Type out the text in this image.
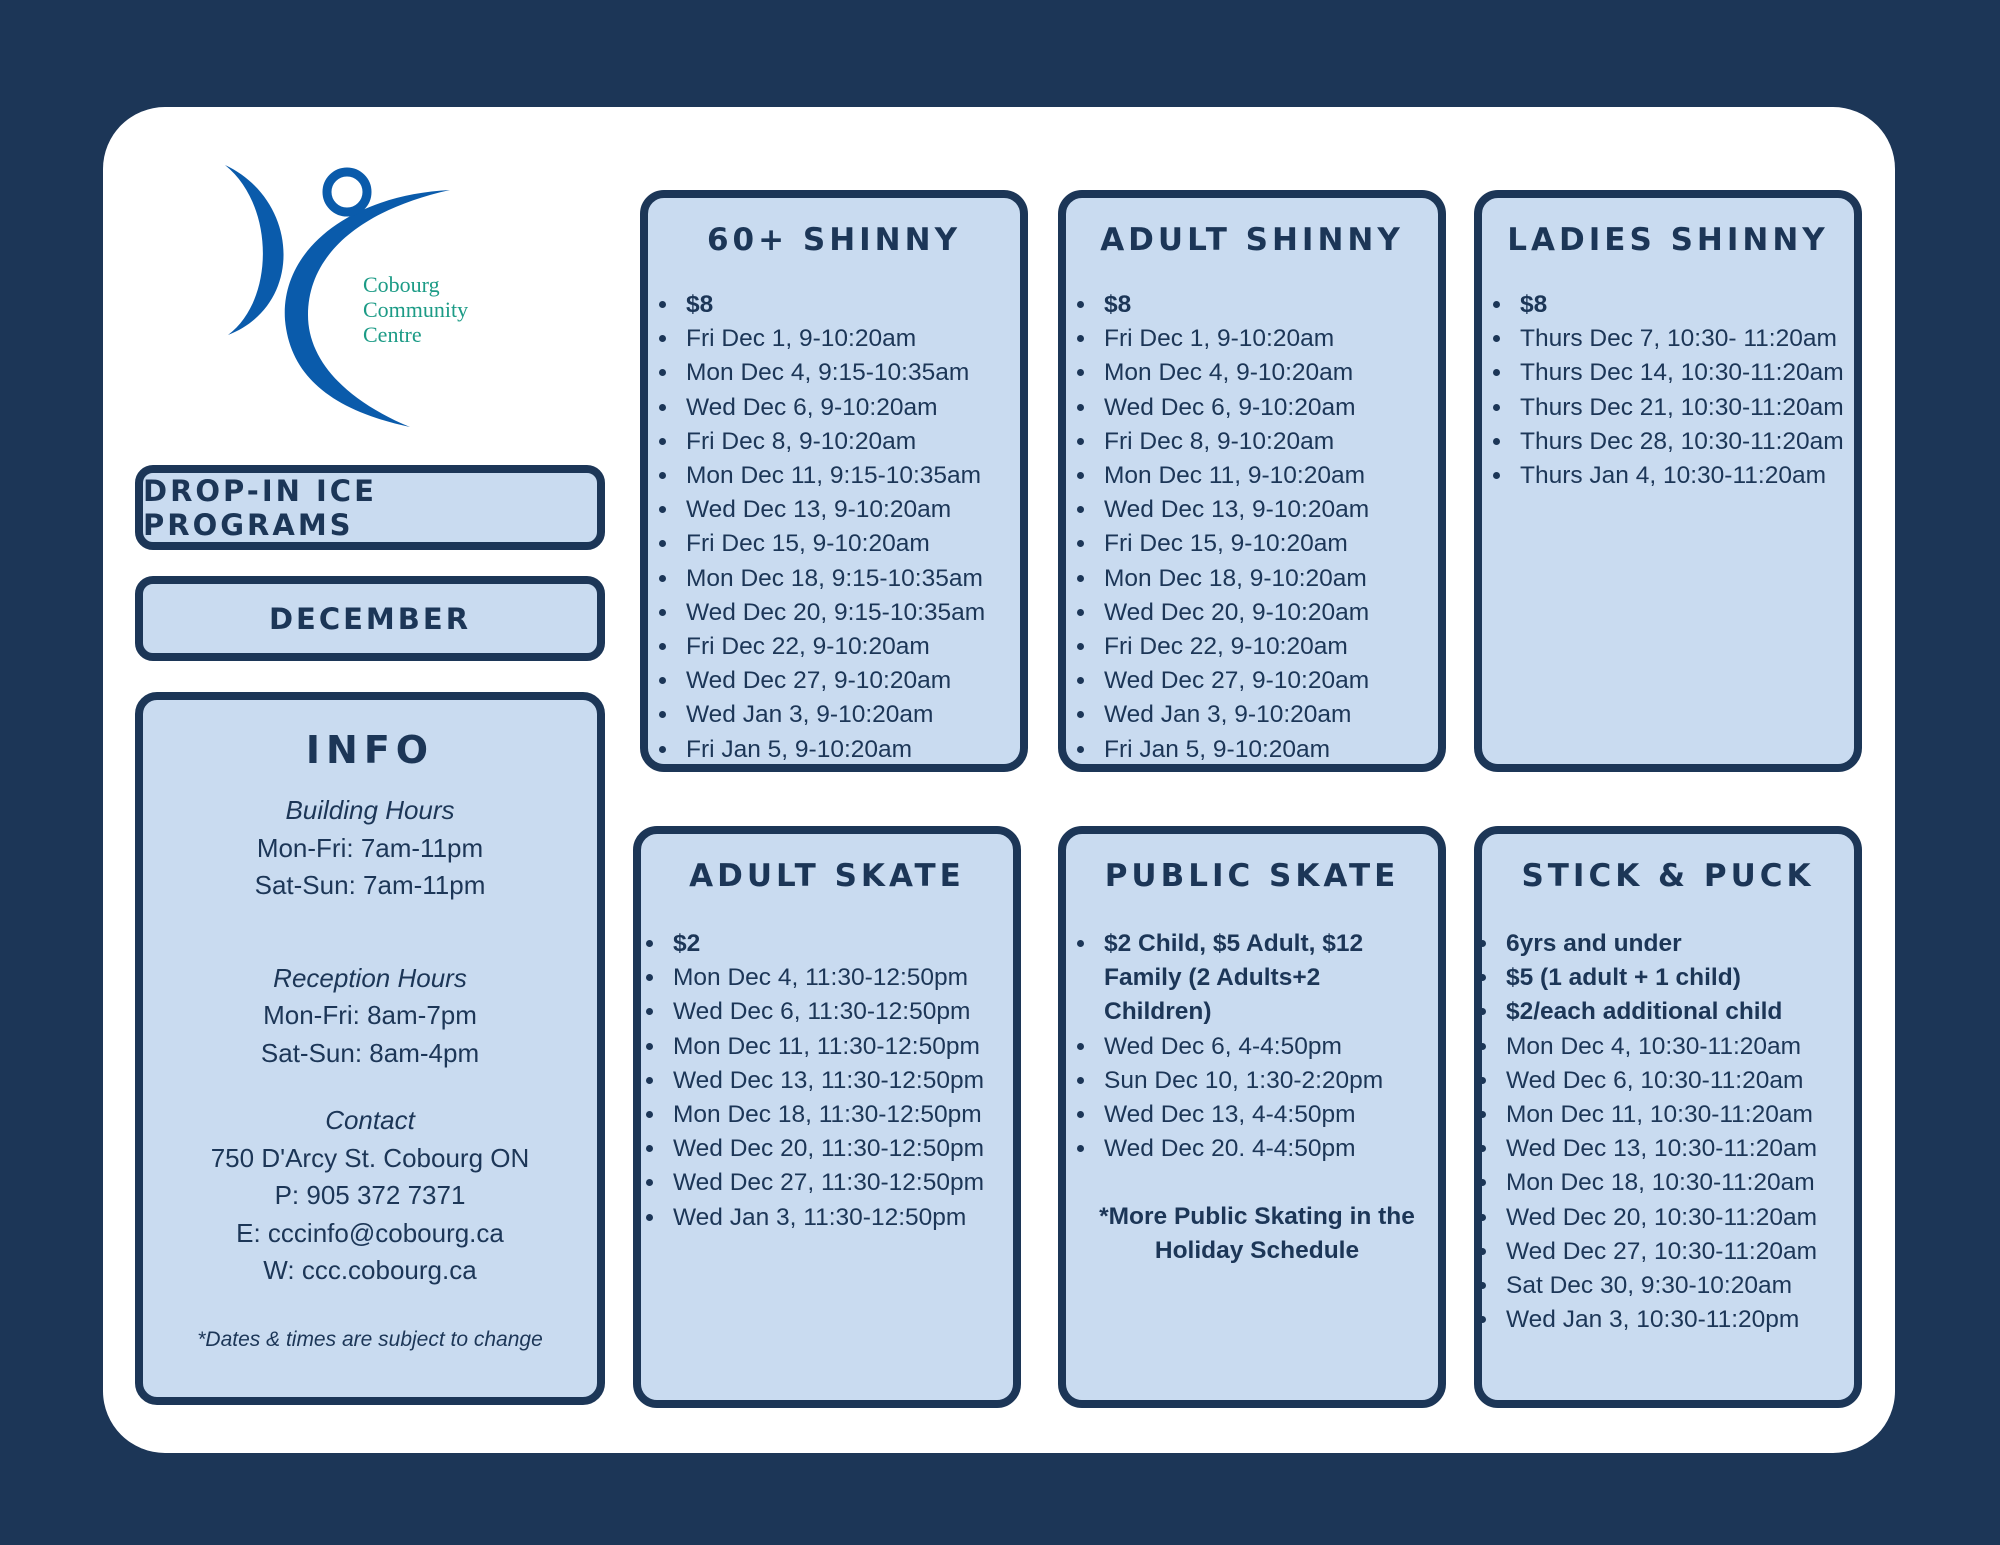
Cobourg
Community
Centre
DROP-IN ICE PROGRAMS
DECEMBER
INFO
Building Hours
Mon-Fri: 7am-11pm
Sat-Sun: 7am-11pm
Reception Hours
Mon-Fri: 8am-7pm
Sat-Sun: 8am-4pm
Contact
750 D'Arcy St. Cobourg ON
P: 905 372 7371
E: cccinfo@cobourg.ca
W: ccc.cobourg.ca
*Dates & times are subject to change
60+ SHINNY
• $8
• Fri Dec 1, 9-10:20am
• Mon Dec 4, 9:15-10:35am
• Wed Dec 6, 9-10:20am
• Fri Dec 8, 9-10:20am
• Mon Dec 11, 9:15-10:35am
• Wed Dec 13, 9-10:20am
• Fri Dec 15, 9-10:20am
• Mon Dec 18, 9:15-10:35am
• Wed Dec 20, 9:15-10:35am
• Fri Dec 22, 9-10:20am
• Wed Dec 27, 9-10:20am
• Wed Jan 3, 9-10:20am
• Fri Jan 5, 9-10:20am
ADULT SHINNY
• $8
• Fri Dec 1, 9-10:20am
• Mon Dec 4, 9-10:20am
• Wed Dec 6, 9-10:20am
• Fri Dec 8, 9-10:20am
• Mon Dec 11, 9-10:20am
• Wed Dec 13, 9-10:20am
• Fri Dec 15, 9-10:20am
• Mon Dec 18, 9-10:20am
• Wed Dec 20, 9-10:20am
• Fri Dec 22, 9-10:20am
• Wed Dec 27, 9-10:20am
• Wed Jan 3, 9-10:20am
• Fri Jan 5, 9-10:20am
LADIES SHINNY
• $8
• Thurs Dec 7, 10:30- 11:20am
• Thurs Dec 14, 10:30-11:20am
• Thurs Dec 21, 10:30-11:20am
• Thurs Dec 28, 10:30-11:20am
• Thurs Jan 4, 10:30-11:20am
ADULT SKATE
• $2
• Mon Dec 4, 11:30-12:50pm
• Wed Dec 6, 11:30-12:50pm
• Mon Dec 11, 11:30-12:50pm
• Wed Dec 13, 11:30-12:50pm
• Mon Dec 18, 11:30-12:50pm
• Wed Dec 20, 11:30-12:50pm
• Wed Dec 27, 11:30-12:50pm
• Wed Jan 3, 11:30-12:50pm
PUBLIC SKATE
• $2 Child, $5 Adult, $12 Family (2 Adults+2 Children)
• Wed Dec 6, 4-4:50pm
• Sun Dec 10, 1:30-2:20pm
• Wed Dec 13, 4-4:50pm
• Wed Dec 20. 4-4:50pm
*More Public Skating in the Holiday Schedule
STICK & PUCK
• 6yrs and under
• $5 (1 adult + 1 child)
• $2/each additional child
• Mon Dec 4, 10:30-11:20am
• Wed Dec 6, 10:30-11:20am
• Mon Dec 11, 10:30-11:20am
• Wed Dec 13, 10:30-11:20am
• Mon Dec 18, 10:30-11:20am
• Wed Dec 20, 10:30-11:20am
• Wed Dec 27, 10:30-11:20am
• Sat Dec 30, 9:30-10:20am
• Wed Jan 3, 10:30-11:20pm
